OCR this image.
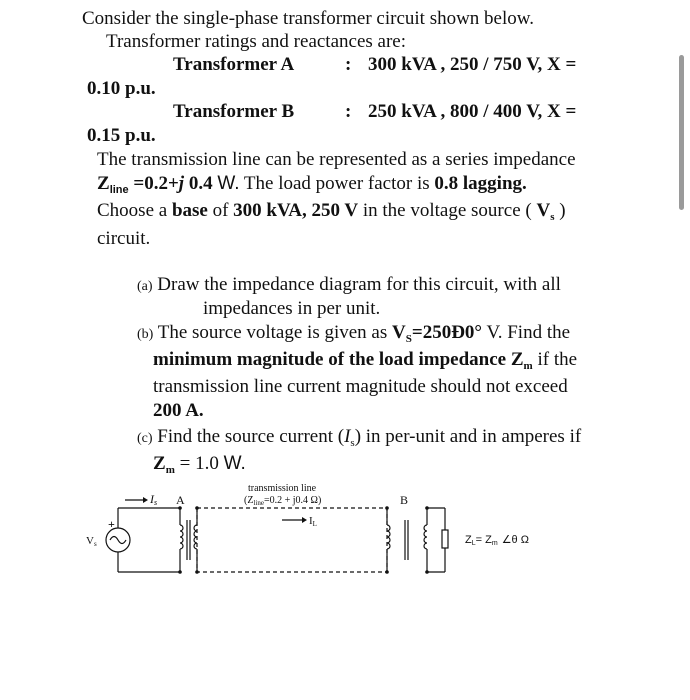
Consider the single-phase transformer circuit shown below.
Transformer ratings and reactances are:
Transformer A	: 300 kVA , 250 / 750 V, X =
0.10 p.u.
Transformer B	: 250 kVA , 800 / 400 V, X =
0.15 p.u.
The transmission line can be represented as a series impedance
$Z_{line} =0.2+j$ 0.4 W. The load power factor is 0.8 lagging.
Choose a base of 300 kVA, 250 V in the voltage source ( $V_s$ )
circuit.
(a) Draw the impedance diagram for this circuit, with all
impedances in per unit.
(b) The source voltage is given as $V_S=250Ð0^\circ$ V. Find the
minimum magnitude of the load impedance $Z_m$ if the
transmission line current magnitude should not exceed
200 A.
(c) Find the source current $(I_s)$ in per-unit and in amperes if
$Z_m = 1.0$ W.
transmission line
($Z_{line}=0.2 + j0.4$ Ω)
Is A	B
IL
Vs
+
ZL= Zm ∠θ Ω
